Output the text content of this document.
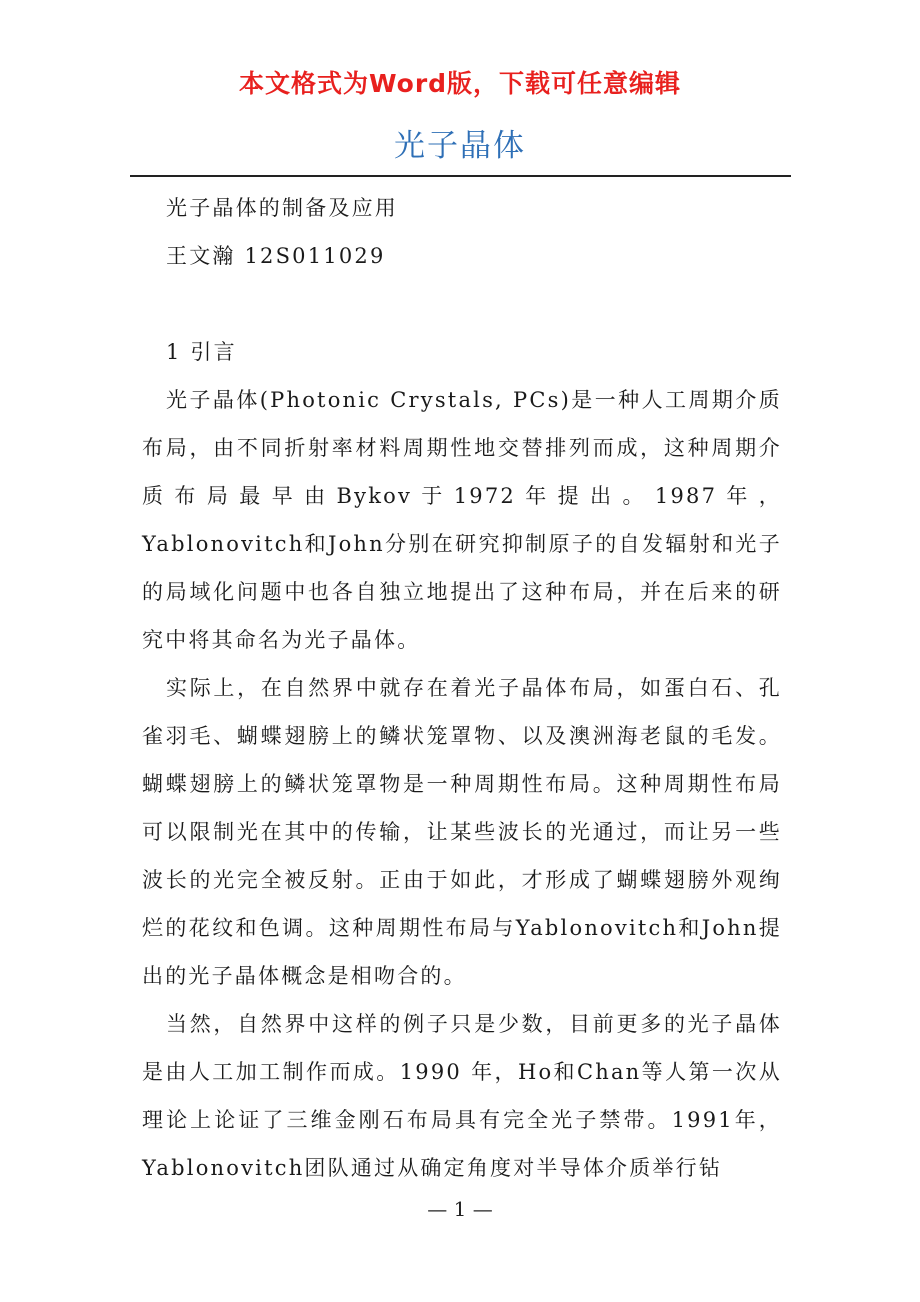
本文格式为Word版，下载可任意编辑
光子晶体

光子晶体的制备及应用

王文瀚 12S011029

1 引言

光子晶体(Photonic Crystals, PCs)是一种人工周期介质布局，由不同折射率材料周期性地交替排列而成，这种周期介质布局最早由Bykov于1972年提出。1987年，Yablonovitch和John分别在研究抑制原子的自发辐射和光子的局域化问题中也各自独立地提出了这种布局，并在后来的研究中将其命名为光子晶体。

实际上，在自然界中就存在着光子晶体布局，如蛋白石、孔雀羽毛、蝴蝶翅膀上的鳞状笼罩物、以及澳洲海老鼠的毛发。蝴蝶翅膀上的鳞状笼罩物是一种周期性布局。这种周期性布局可以限制光在其中的传输，让某些波长的光通过，而让另一些波长的光完全被反射。正由于如此，才形成了蝴蝶翅膀外观绚烂的花纹和色调。这种周期性布局与Yablonovitch和John提出的光子晶体概念是相吻合的。

当然，自然界中这样的例子只是少数，目前更多的光子晶体是由人工加工制作而成。1990 年，Ho和Chan等人第一次从理论上论证了三维金刚石布局具有完全光子禁带。1991年，Yablonovitch团队通过从确定角度对半导体介质举行钻

— 1 —
